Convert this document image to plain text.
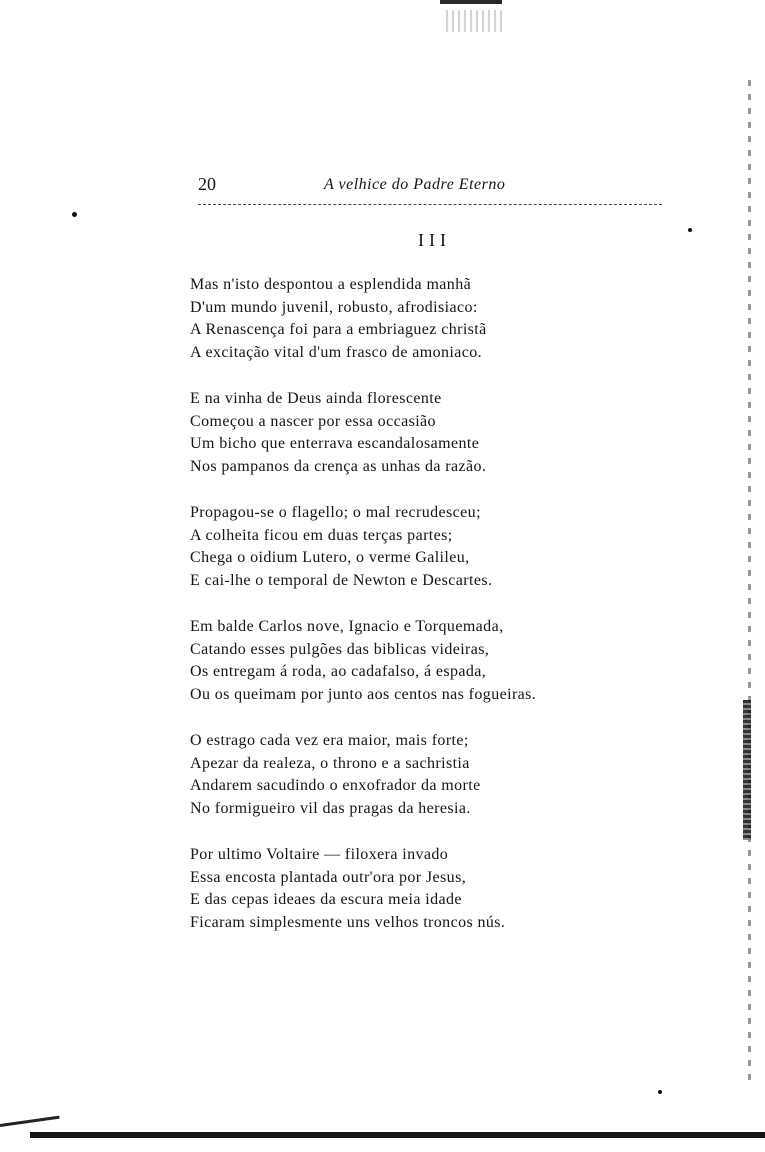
20	A velhice do Padre Eterno
III
Mas n'isto despontou a esplendida manhã
D'um mundo juvenil, robusto, afrodisiaco:
A Renascença foi para a embriaguez christã
A excitação vital d'um frasco de amoniaco.
E na vinha de Deus ainda florescente
Começou a nascer por essa occasião
Um bicho que enterrava escandalosamente
Nos pampanos da crença as unhas da razão.
Propagou-se o flagello; o mal recrudesceu;
A colheita ficou em duas terças partes;
Chega o oidium Lutero, o verme Galileu,
E cai-lhe o temporal de Newton e Descartes.
Em balde Carlos nove, Ignacio e Torquemada,
Catando esses pulgões das biblicas videiras,
Os entregam á roda, ao cadafalso, á espada,
Ou os queimam por junto aos centos nas fogueiras.
O estrago cada vez era maior, mais forte;
Apezar da realeza, o throno e a sachristia
Andarem sacudindo o enxofrador da morte
No formigueiro vil das pragas da heresia.
Por ultimo Voltaire — filoxera invado
Essa encosta plantada outr'ora por Jesus,
E das cepas ideaes da escura meia idade
Ficaram simplesmente uns velhos troncos nús.
